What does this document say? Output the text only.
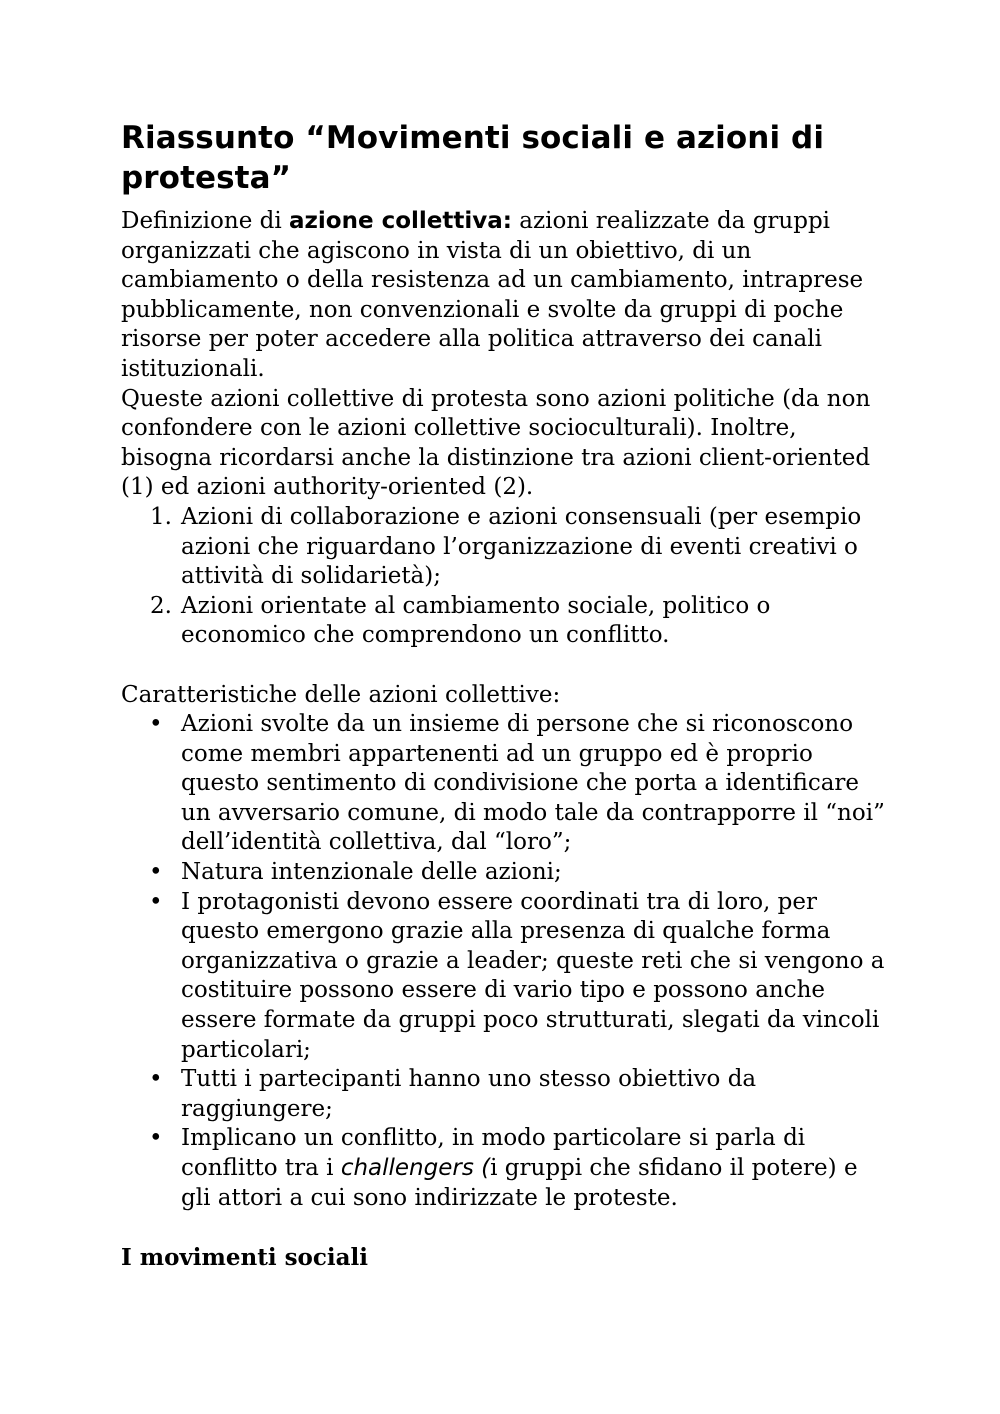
Riassunto “Movimenti sociali e azioni di protesta”

Definizione di azione collettiva: azioni realizzate da gruppi organizzati che agiscono in vista di un obiettivo, di un cambiamento o della resistenza ad un cambiamento, intraprese pubblicamente, non convenzionali e svolte da gruppi di poche risorse per poter accedere alla politica attraverso dei canali istituzionali.

Queste azioni collettive di protesta sono azioni politiche (da non confondere con le azioni collettive socioculturali). Inoltre, bisogna ricordarsi anche la distinzione tra azioni client-oriented (1) ed azioni authority-oriented (2).

1. Azioni di collaborazione e azioni consensuali (per esempio azioni che riguardano l’organizzazione di eventi creativi o attività di solidarietà);
2. Azioni orientate al cambiamento sociale, politico o economico che comprendono un conflitto.

Caratteristiche delle azioni collettive:

• Azioni svolte da un insieme di persone che si riconoscono come membri appartenenti ad un gruppo ed è proprio questo sentimento di condivisione che porta a identificare un avversario comune, di modo tale da contrapporre il “noi” dell’identità collettiva, dal “loro”;
• Natura intenzionale delle azioni;
• I protagonisti devono essere coordinati tra di loro, per questo emergono grazie alla presenza di qualche forma organizzativa o grazie a leader; queste reti che si vengono a costituire possono essere di vario tipo e possono anche essere formate da gruppi poco strutturati, slegati da vincoli particolari;
• Tutti i partecipanti hanno uno stesso obiettivo da raggiungere;
• Implicano un conflitto, in modo particolare si parla di conflitto tra i challengers (i gruppi che sfidano il potere) e gli attori a cui sono indirizzate le proteste.
I movimenti sociali
